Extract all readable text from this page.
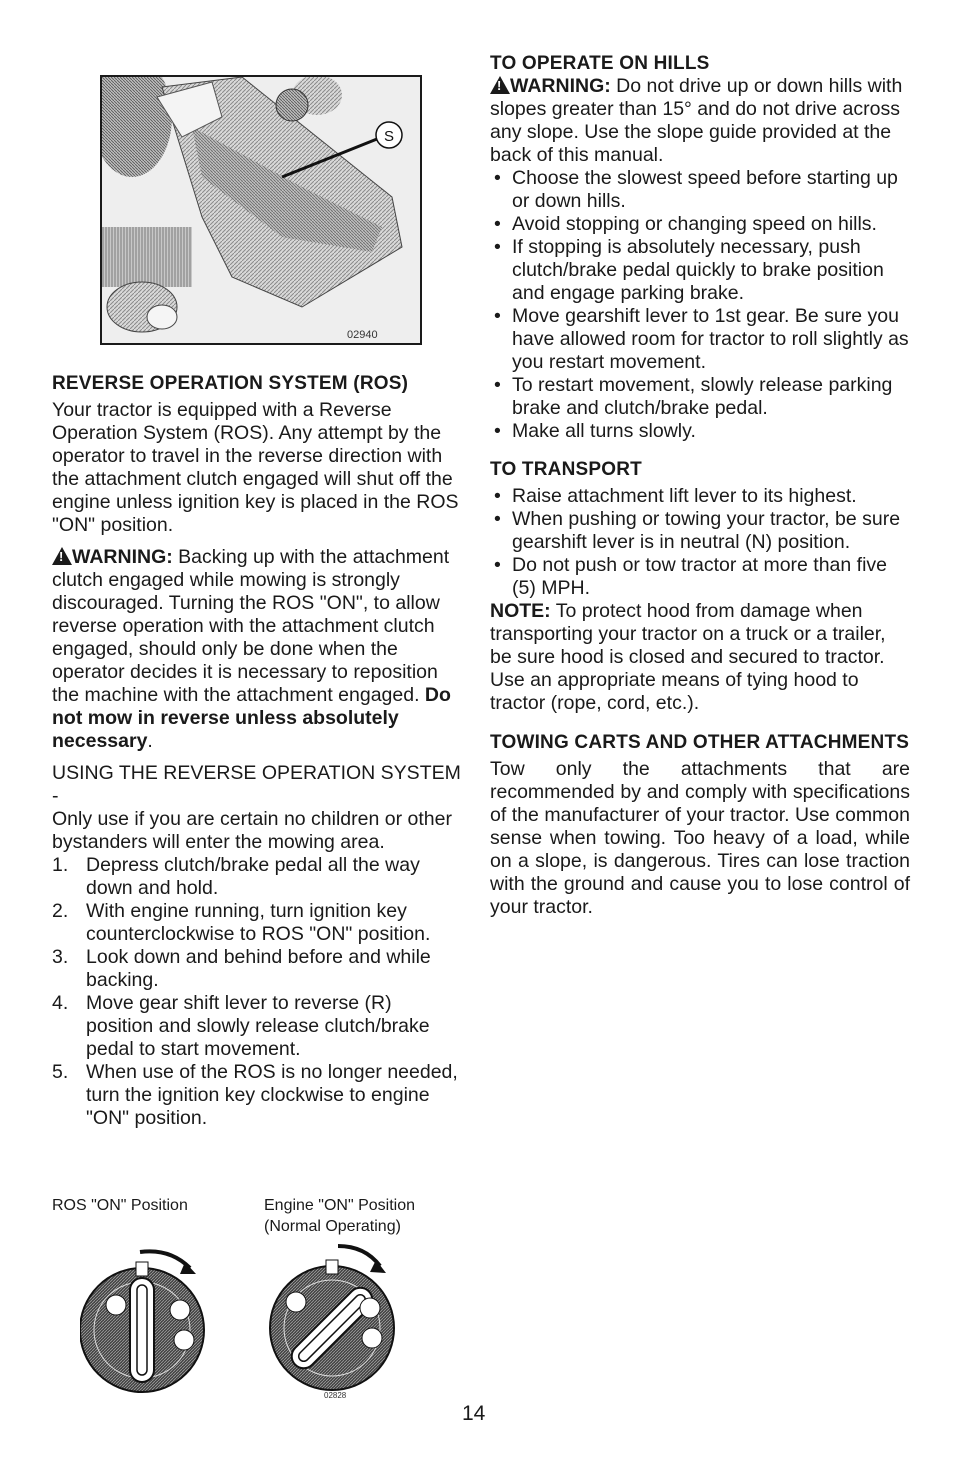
S
02940

REVERSE OPERATION SYSTEM (ROS)

Your tractor is equipped with a Reverse Operation System (ROS). Any attempt by the operator to travel in the reverse direction with the attachment clutch engaged will shut off the engine unless ignition key is placed in the ROS "ON" position.

!WARNING: Backing up with the attachment clutch engaged while mowing is strongly discouraged. Turning the ROS "ON", to allow reverse operation with the attachment clutch engaged, should only be done when the operator decides it is necessary to reposition the machine with the attachment engaged. Do not mow in reverse unless absolutely necessary.

USING THE REVERSE OPERATION SYSTEM -

Only use if you are certain no children or other bystanders will enter the mowing area.

1. Depress clutch/brake pedal all the way down and hold.
2. With engine running, turn ignition key counterclockwise to ROS "ON" position.
3. Look down and behind before and while backing.
4. Move gear shift lever to reverse (R) position and slowly release clutch/brake pedal to start movement.
5. When use of the ROS is no longer needed, turn the ignition key clockwise to engine "ON" position.
ROS "ON" Position	Engine "ON" Position
(Normal Operating)
02828

TO OPERATE ON HILLS

!WARNING: Do not drive up or down hills with slopes greater than 15° and do not drive across any slope. Use the slope guide provided at the back of this manual.

• Choose the slowest speed before starting up or down hills.
• Avoid stopping or changing speed on hills.
• If stopping is absolutely necessary, push clutch/brake pedal quickly to brake position and engage parking brake.
• Move gearshift lever to 1st gear. Be sure you have allowed room for tractor to roll slightly as you restart movement.
• To restart movement, slowly release parking brake and clutch/brake pedal.
• Make all turns slowly.

TO TRANSPORT

• Raise attachment lift lever to its highest.
• When pushing or towing your tractor, be sure gearshift lever is in neutral (N) position.
• Do not push or tow tractor at more than five (5) MPH.

NOTE: To protect hood from damage when transporting your tractor on a truck or a trailer, be sure hood is closed and secured to tractor. Use an appropriate means of tying hood to tractor (rope, cord, etc.).

TOWING CARTS AND OTHER ATTACHMENTS

Tow only the attachments that are recommended by and comply with specifications of the manufacturer of your tractor. Use common sense when towing. Too heavy of a load, while on a slope, is dangerous. Tires can lose traction with the ground and cause you to lose control of your tractor.

14
